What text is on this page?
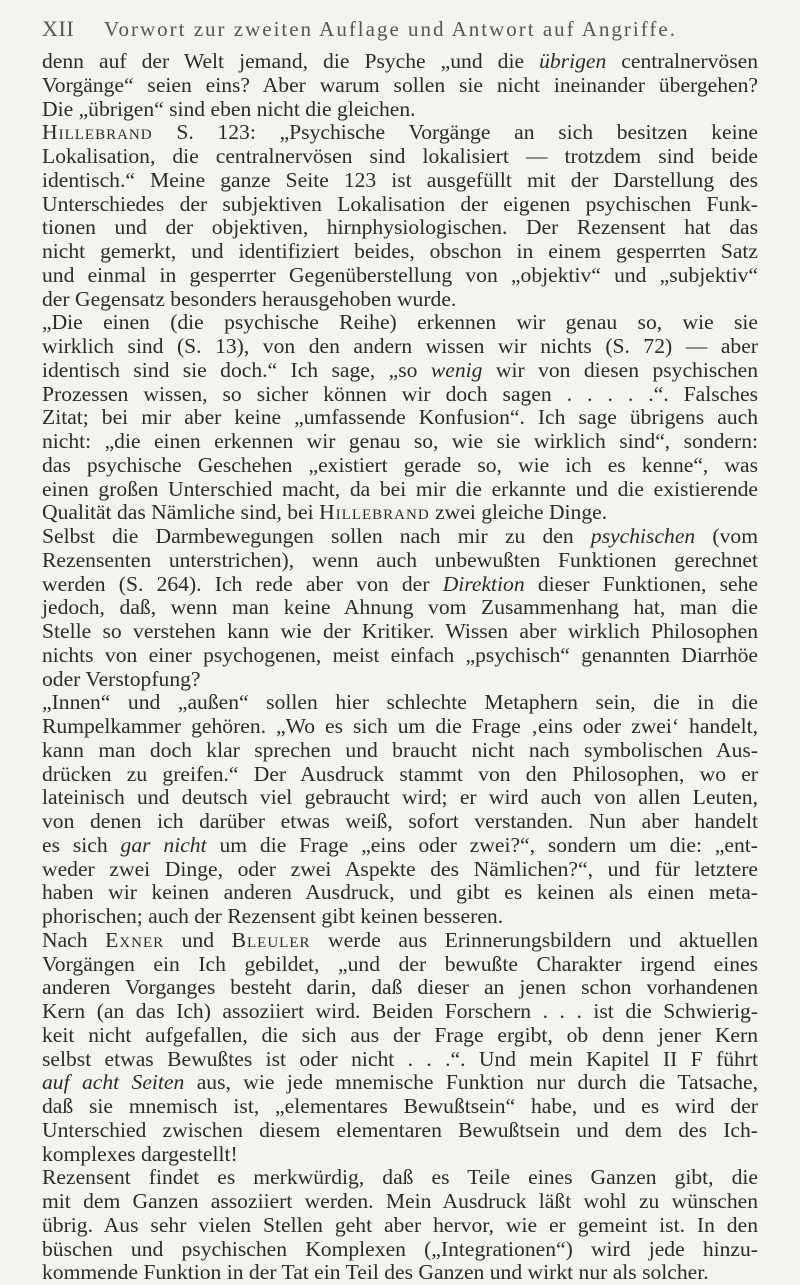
XII	Vorwort zur zweiten Auflage und Antwort auf Angriffe.
denn auf der Welt jemand, die Psyche „und die übrigen centralnervösen
Vorgänge“ seien eins? Aber warum sollen sie nicht ineinander übergehen?
Die „übrigen“ sind eben nicht die gleichen.
Hillebrand S. 123: „Psychische Vorgänge an sich besitzen keine
Lokalisation, die centralnervösen sind lokalisiert — trotzdem sind beide
identisch.“ Meine ganze Seite 123 ist ausgefüllt mit der Darstellung des
Unterschiedes der subjektiven Lokalisation der eigenen psychischen Funk-
tionen und der objektiven, hirnphysiologischen. Der Rezensent hat das
nicht gemerkt, und identifiziert beides, obschon in einem gesperrten Satz
und einmal in gesperrter Gegenüberstellung von „objektiv“ und „subjektiv“
der Gegensatz besonders herausgehoben wurde.
„Die einen (die psychische Reihe) erkennen wir genau so, wie sie
wirklich sind (S. 13), von den andern wissen wir nichts (S. 72) — aber
identisch sind sie doch.“ Ich sage, „so wenig wir von diesen psychischen
Prozessen wissen, so sicher können wir doch sagen . . . . .“. Falsches
Zitat; bei mir aber keine „umfassende Konfusion“. Ich sage übrigens auch
nicht: „die einen erkennen wir genau so, wie sie wirklich sind“, sondern:
das psychische Geschehen „existiert gerade so, wie ich es kenne“, was
einen großen Unterschied macht, da bei mir die erkannte und die existierende
Qualität das Nämliche sind, bei Hillebrand zwei gleiche Dinge.
Selbst die Darmbewegungen sollen nach mir zu den psychischen (vom
Rezensenten unterstrichen), wenn auch unbewußten Funktionen gerechnet
werden (S. 264). Ich rede aber von der Direktion dieser Funktionen, sehe
jedoch, daß, wenn man keine Ahnung vom Zusammenhang hat, man die
Stelle so verstehen kann wie der Kritiker. Wissen aber wirklich Philosophen
nichts von einer psychogenen, meist einfach „psychisch“ genannten Diarrhöe
oder Verstopfung?
„Innen“ und „außen“ sollen hier schlechte Metaphern sein, die in die
Rumpelkammer gehören. „Wo es sich um die Frage ‚eins oder zwei‘ handelt,
kann man doch klar sprechen und braucht nicht nach symbolischen Aus-
drücken zu greifen.“ Der Ausdruck stammt von den Philosophen, wo er
lateinisch und deutsch viel gebraucht wird; er wird auch von allen Leuten,
von denen ich darüber etwas weiß, sofort verstanden. Nun aber handelt
es sich gar nicht um die Frage „eins oder zwei?“, sondern um die: „ent-
weder zwei Dinge, oder zwei Aspekte des Nämlichen?“, und für letztere
haben wir keinen anderen Ausdruck, und gibt es keinen als einen meta-
phorischen; auch der Rezensent gibt keinen besseren.
Nach Exner und Bleuler werde aus Erinnerungsbildern und aktuellen
Vorgängen ein Ich gebildet, „und der bewußte Charakter irgend eines
anderen Vorganges besteht darin, daß dieser an jenen schon vorhandenen
Kern (an das Ich) assoziiert wird. Beiden Forschern . . . ist die Schwierig-
keit nicht aufgefallen, die sich aus der Frage ergibt, ob denn jener Kern
selbst etwas Bewußtes ist oder nicht . . .“. Und mein Kapitel II F führt
auf acht Seiten aus, wie jede mnemische Funktion nur durch die Tatsache,
daß sie mnemisch ist, „elementares Bewußtsein“ habe, und es wird der
Unterschied zwischen diesem elementaren Bewußtsein und dem des Ich-
komplexes dargestellt!
Rezensent findet es merkwürdig, daß es Teile eines Ganzen gibt, die
mit dem Ganzen assoziiert werden. Mein Ausdruck läßt wohl zu wünschen
übrig. Aus sehr vielen Stellen geht aber hervor, wie er gemeint ist. In den
büschen und psychischen Komplexen („Integrationen“) wird jede hinzu-
kommende Funktion in der Tat ein Teil des Ganzen und wirkt nur als solcher.
